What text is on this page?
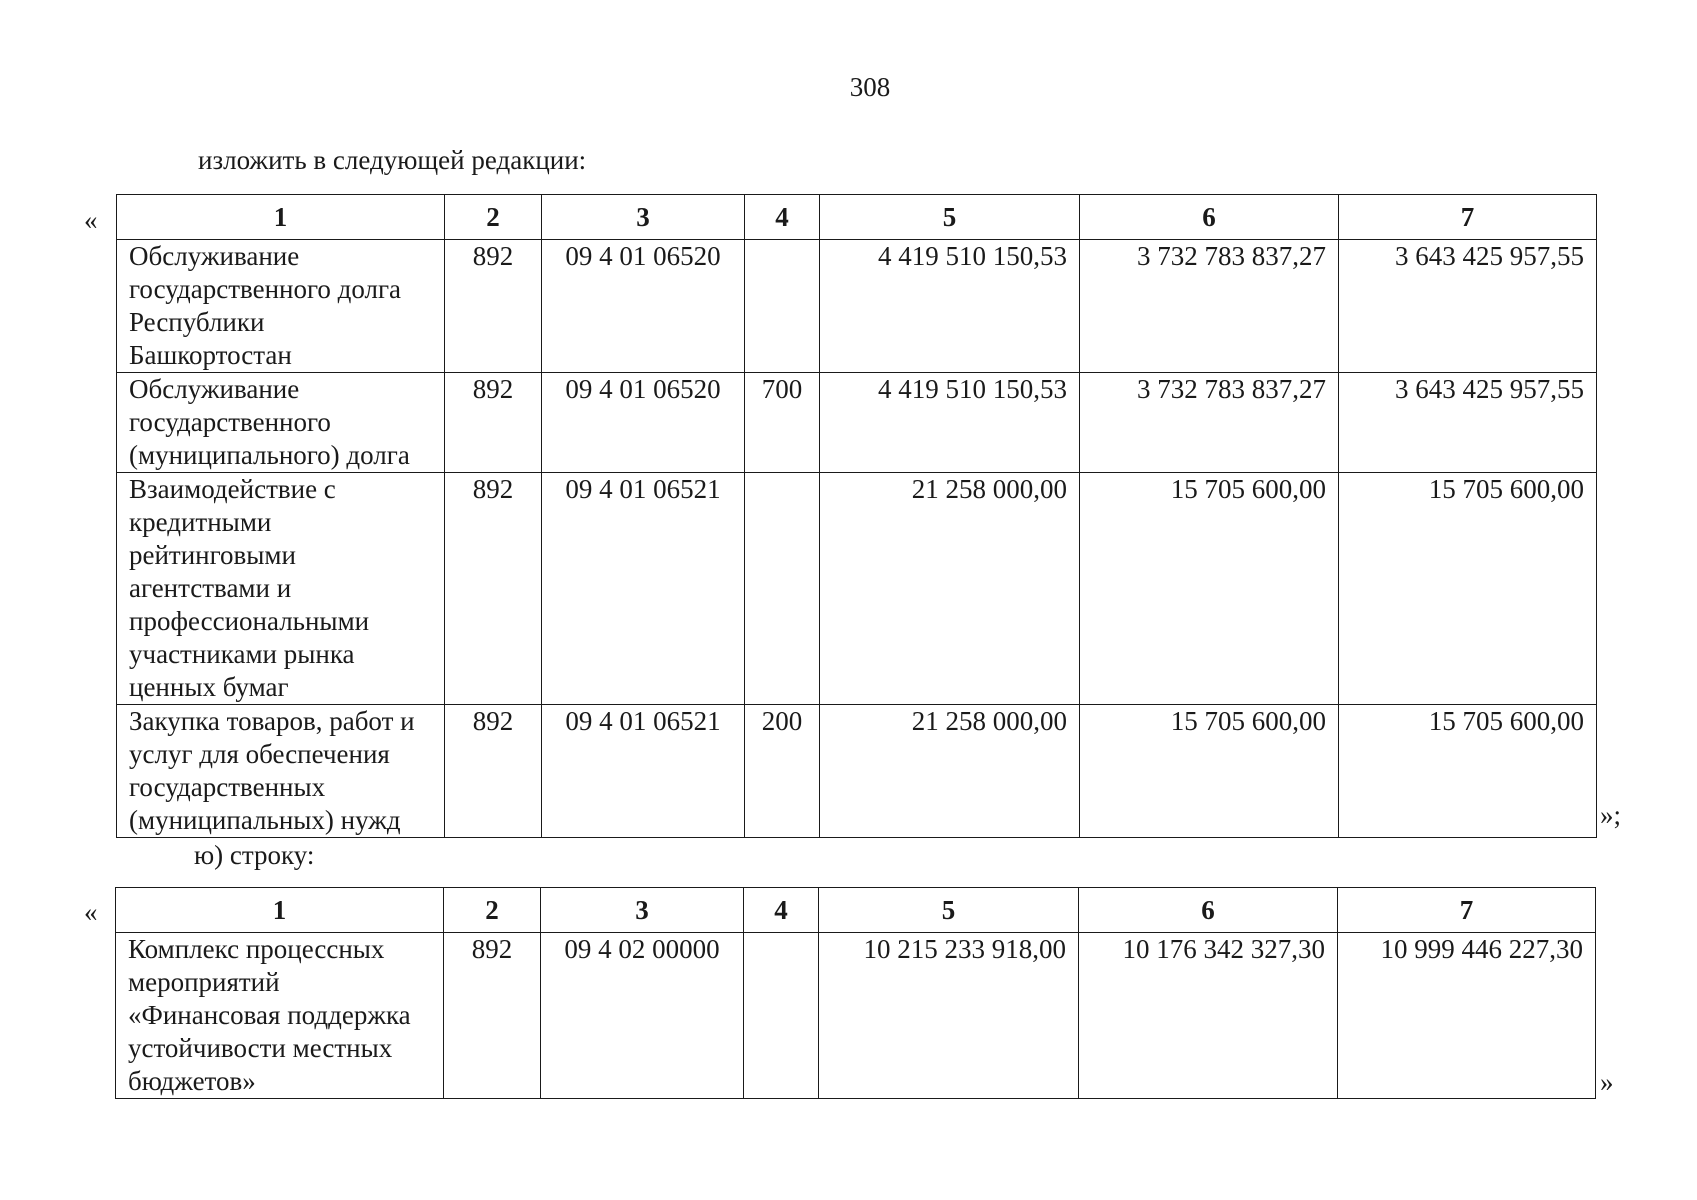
308
изложить в следующей редакции:
«
»;
1	2	3	4	5	6	7
Обслуживание государственного долга Республики Башкортостан	892	09 4 01 06520		4 419 510 150,53	3 732 783 837,27	3 643 425 957,55
Обслуживание государственного (муниципального) долга	892	09 4 01 06520	700	4 419 510 150,53	3 732 783 837,27	3 643 425 957,55
Взаимодействие с кредитными рейтинговыми агентствами и профессиональными участниками рынка ценных бумаг	892	09 4 01 06521		21 258 000,00	15 705 600,00	15 705 600,00
Закупка товаров, работ и услуг для обеспечения государственных (муниципальных) нужд	892	09 4 01 06521	200	21 258 000,00	15 705 600,00	15 705 600,00
ю) строку:
«
»
1	2	3	4	5	6	7
Комплекс процессных мероприятий «Финансовая поддержка устойчивости местных бюджетов»	892	09 4 02 00000		10 215 233 918,00	10 176 342 327,30	10 999 446 227,30
